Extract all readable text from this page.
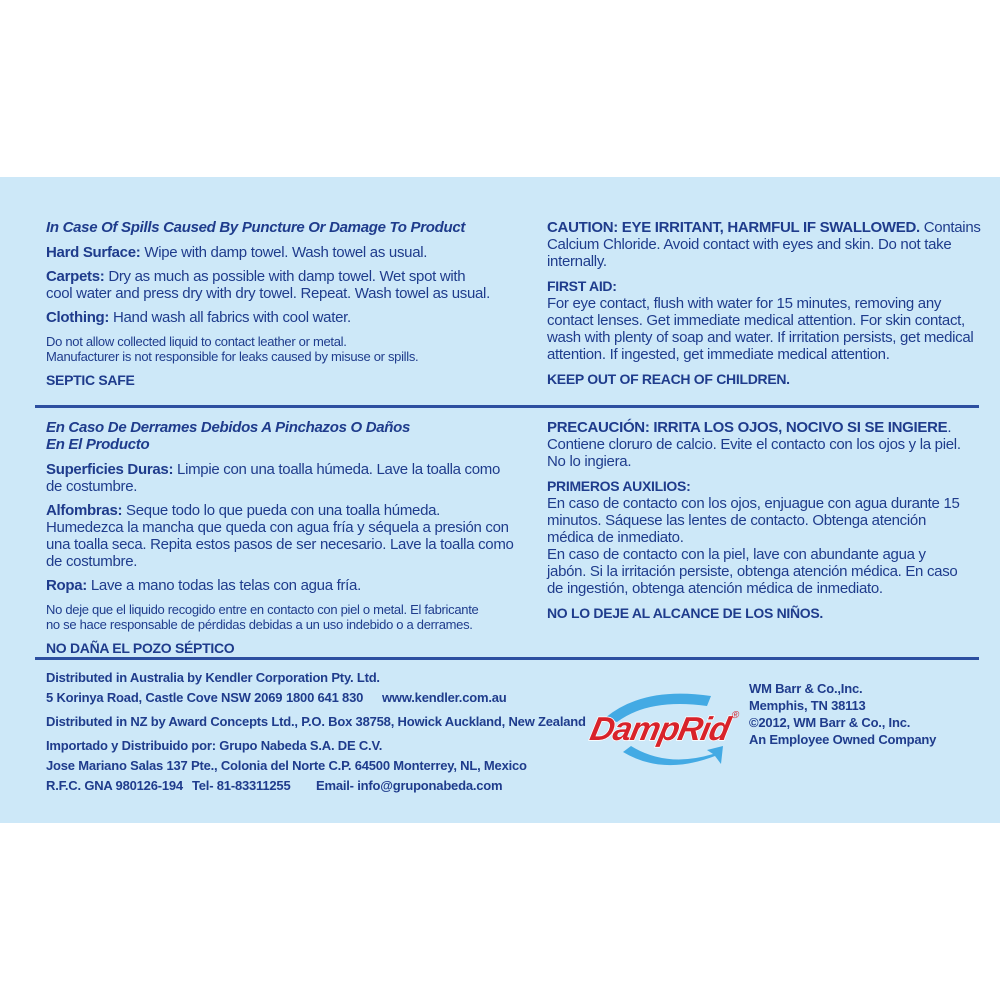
In Case Of Spills Caused By Puncture Or Damage To Product

Hard Surface: Wipe with damp towel. Wash towel as usual.

Carpets: Dry as much as possible with damp towel. Wet spot with cool water and press dry with dry towel. Repeat. Wash towel as usual.

Clothing: Hand wash all fabrics with cool water.

Do not allow collected liquid to contact leather or metal.

Manufacturer is not responsible for leaks caused by misuse or spills.

SEPTIC SAFE

CAUTION: EYE IRRITANT, HARMFUL IF SWALLOWED. Contains Calcium Chloride. Avoid contact with eyes and skin. Do not take internally.

FIRST AID:

For eye contact, flush with water for 15 minutes, removing any contact lenses. Get immediate medical attention. For skin contact, wash with plenty of soap and water. If irritation persists, get medical attention. If ingested, get immediate medical attention.

KEEP OUT OF REACH OF CHILDREN.

En Caso De Derrames Debidos A Pinchazos O Daños

En El Producto

Superficies Duras: Limpie con una toalla húmeda. Lave la toalla como de costumbre.

Alfombras: Seque todo lo que pueda con una toalla húmeda. Humedezca la mancha que queda con agua fría y séquela a presión con una toalla seca. Repita estos pasos de ser necesario. Lave la toalla como de costumbre.

Ropa: Lave a mano todas las telas con agua fría.

No deje que el liquido recogido entre en contacto con piel o metal. El fabricante

no se hace responsable de pérdidas debidas a un uso indebido o a derrames.

NO DAÑA EL POZO SÉPTICO

PRECAUCIÓN: IRRITA LOS OJOS, NOCIVO SI SE INGIERE.

Contiene cloruro de calcio. Evite el contacto con los ojos y la piel. No lo ingiera.

PRIMEROS AUXILIOS:

En caso de contacto con los ojos, enjuague con agua durante 15 minutos. Sáquese las lentes de contacto. Obtenga atención médica de inmediato.

En caso de contacto con la piel, lave con abundante agua y jabón. Si la irritación persiste, obtenga atención médica. En caso de ingestión, obtenga atención médica de inmediato.

NO LO DEJE AL ALCANCE DE LOS NIÑOS.

Distributed in Australia by Kendler Corporation Pty. Ltd.

5 Korinya Road, Castle Cove NSW 2069 1800 641 830 www.kendler.com.au

Distributed in NZ by Award Concepts Ltd., P.O. Box 38758, Howick Auckland, New Zealand

Importado y Distribuido por: Grupo Nabeda S.A. DE C.V.

Jose Mariano Salas 137 Pte., Colonia del Norte C.P. 64500 Monterrey, NL, Mexico

R.F.C. GNA 980126-194 Tel- 81-83311255 Email- info@gruponabeda.com

DampRid®

WM Barr & Co.,Inc.

Memphis, TN 38113

©2012, WM Barr & Co., Inc.

An Employee Owned Company
